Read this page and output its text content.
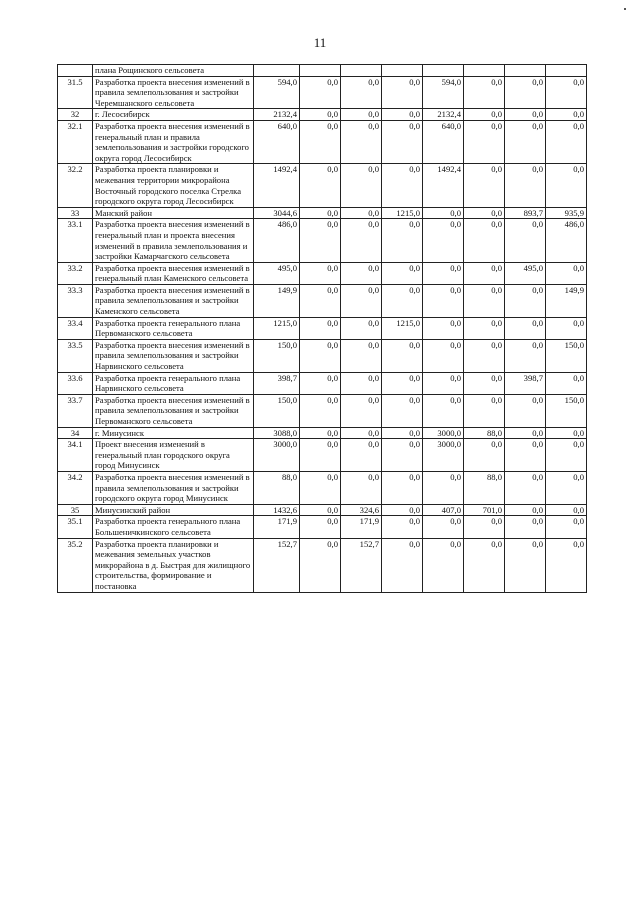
11
	плана Рощинского сельсовета								
31.5	Разработка проекта внесения изменений в правила землепользования и застройки Черемшанского сельсовета	594,0	0,0	0,0	0,0	594,0	0,0	0,0	0,0
32	г. Лесосибирск	2132,4	0,0	0,0	0,0	2132,4	0,0	0,0	0,0
32.1	Разработка проекта внесения изменений в генеральный план и правила землепользования и застройки городского округа город Лесосибирск	640,0	0,0	0,0	0,0	640,0	0,0	0,0	0,0
32.2	Разработка проекта планировки и межевания территории микрорайона Восточный городского поселка Стрелка городского округа город Лесосибирск	1492,4	0,0	0,0	0,0	1492,4	0,0	0,0	0,0
33	Манский район	3044,6	0,0	0,0	1215,0	0,0	0,0	893,7	935,9
33.1	Разработка проекта внесения изменений в генеральный план и проекта внесения изменений в правила землепользования и застройки Камарчагского сельсовета	486,0	0,0	0,0	0,0	0,0	0,0	0,0	486,0
33.2	Разработка проекта внесения изменений в генеральный план Каменского сельсовета	495,0	0,0	0,0	0,0	0,0	0,0	495,0	0,0
33.3	Разработка проекта внесения изменений в правила землепользования и застройки Каменского сельсовета	149,9	0,0	0,0	0,0	0,0	0,0	0,0	149,9
33.4	Разработка проекта генерального плана Первоманского сельсовета	1215,0	0,0	0,0	1215,0	0,0	0,0	0,0	0,0
33.5	Разработка проекта внесения изменений в правила землепользования и застройки Нарвинского сельсовета	150,0	0,0	0,0	0,0	0,0	0,0	0,0	150,0
33.6	Разработка проекта генерального плана Нарвинского сельсовета	398,7	0,0	0,0	0,0	0,0	0,0	398,7	0,0
33.7	Разработка проекта внесения изменений в правила землепользования и застройки Первоманского сельсовета	150,0	0,0	0,0	0,0	0,0	0,0	0,0	150,0
34	г. Минусинск	3088,0	0,0	0,0	0,0	3000,0	88,0	0,0	0,0
34.1	Проект внесения изменений в генеральный план городского округа город Минусинск	3000,0	0,0	0,0	0,0	3000,0	0,0	0,0	0,0
34.2	Разработка проекта внесения изменений в правила землепользования и застройки городского округа город Минусинск	88,0	0,0	0,0	0,0	0,0	88,0	0,0	0,0
35	Минусинский район	1432,6	0,0	324,6	0,0	407,0	701,0	0,0	0,0
35.1	Разработка проекта генерального плана Большеничкинского сельсовета	171,9	0,0	171,9	0,0	0,0	0,0	0,0	0,0
35.2	Разработка проекта планировки и межевания земельных участков микрорайона в д. Быстрая для жилищного строительства, формирование и постановка	152,7	0,0	152,7	0,0	0,0	0,0	0,0	0,0
